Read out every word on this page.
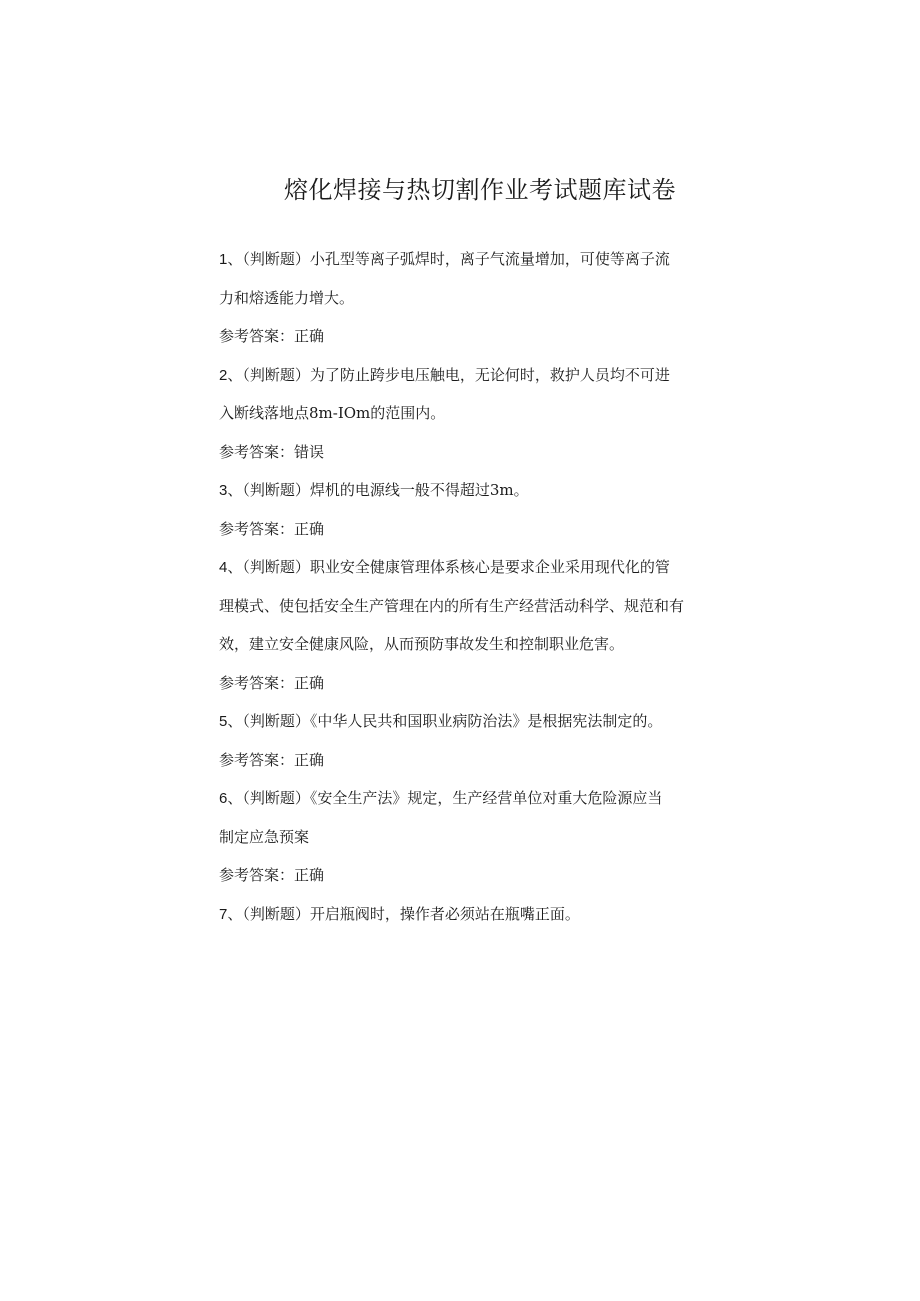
熔化焊接与热切割作业考试题库试卷

1、（判断题）小孔型等离子弧焊时，离子气流量增加，可使等离子流

力和熔透能力增大。

参考答案：正确

2、（判断题）为了防止跨步电压触电，无论何时，救护人员均不可进

入断线落地点8m-IOm的范围内。

参考答案：错误

3、（判断题）焊机的电源线一般不得超过3m。

参考答案：正确

4、（判断题）职业安全健康管理体系核心是要求企业采用现代化的管

理模式、使包括安全生产管理在内的所有生产经营活动科学、规范和有

效，建立安全健康风险，从而预防事故发生和控制职业危害。

参考答案：正确

5、（判断题）《中华人民共和国职业病防治法》是根据宪法制定的。

参考答案：正确

6、（判断题）《安全生产法》规定，生产经营单位对重大危险源应当

制定应急预案

参考答案：正确

7、（判断题）开启瓶阀时，操作者必须站在瓶嘴正面。
